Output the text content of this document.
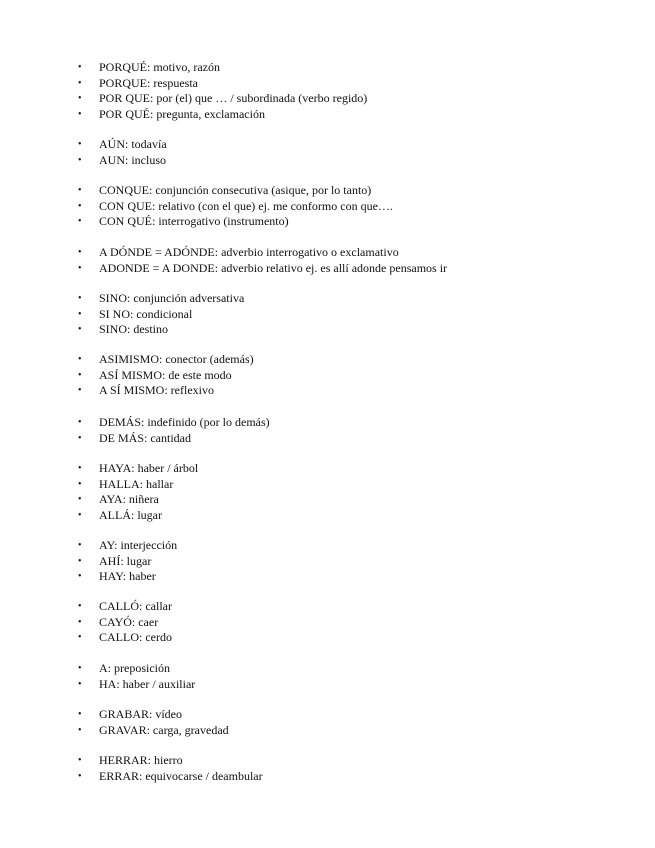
• PORQUÉ: motivo, razón
• PORQUE: respuesta
• POR QUE: por (el) que … / subordinada (verbo regido)
• POR QUÉ: pregunta, exclamación
• AÚN: todavía
• AUN: incluso
• CONQUE: conjunción consecutiva (asique, por lo tanto)
• CON QUE: relativo (con el que) ej. me conformo con que….
• CON QUÉ: interrogativo (instrumento)
• A DÓNDE = ADÓNDE: adverbio interrogativo o exclamativo
• ADONDE = A DONDE: adverbio relativo ej. es allí adonde pensamos ir
• SINO: conjunción adversativa
• SI NO: condicional
• SINO: destino
• ASIMISMO: conector (además)
• ASÍ MISMO: de este modo
• A SÍ MISMO: reflexivo
• DEMÁS: indefinido (por lo demás)
• DE MÁS: cantidad
• HAYA: haber / árbol
• HALLA: hallar
• AYA: niñera
• ALLÁ: lugar
• AY: interjección
• AHÍ: lugar
• HAY: haber
• CALLÓ: callar
• CAYÓ: caer
• CALLO: cerdo
• A: preposición
• HA: haber / auxiliar
• GRABAR: vídeo
• GRAVAR: carga, gravedad
• HERRAR: hierro
• ERRAR: equivocarse / deambular
